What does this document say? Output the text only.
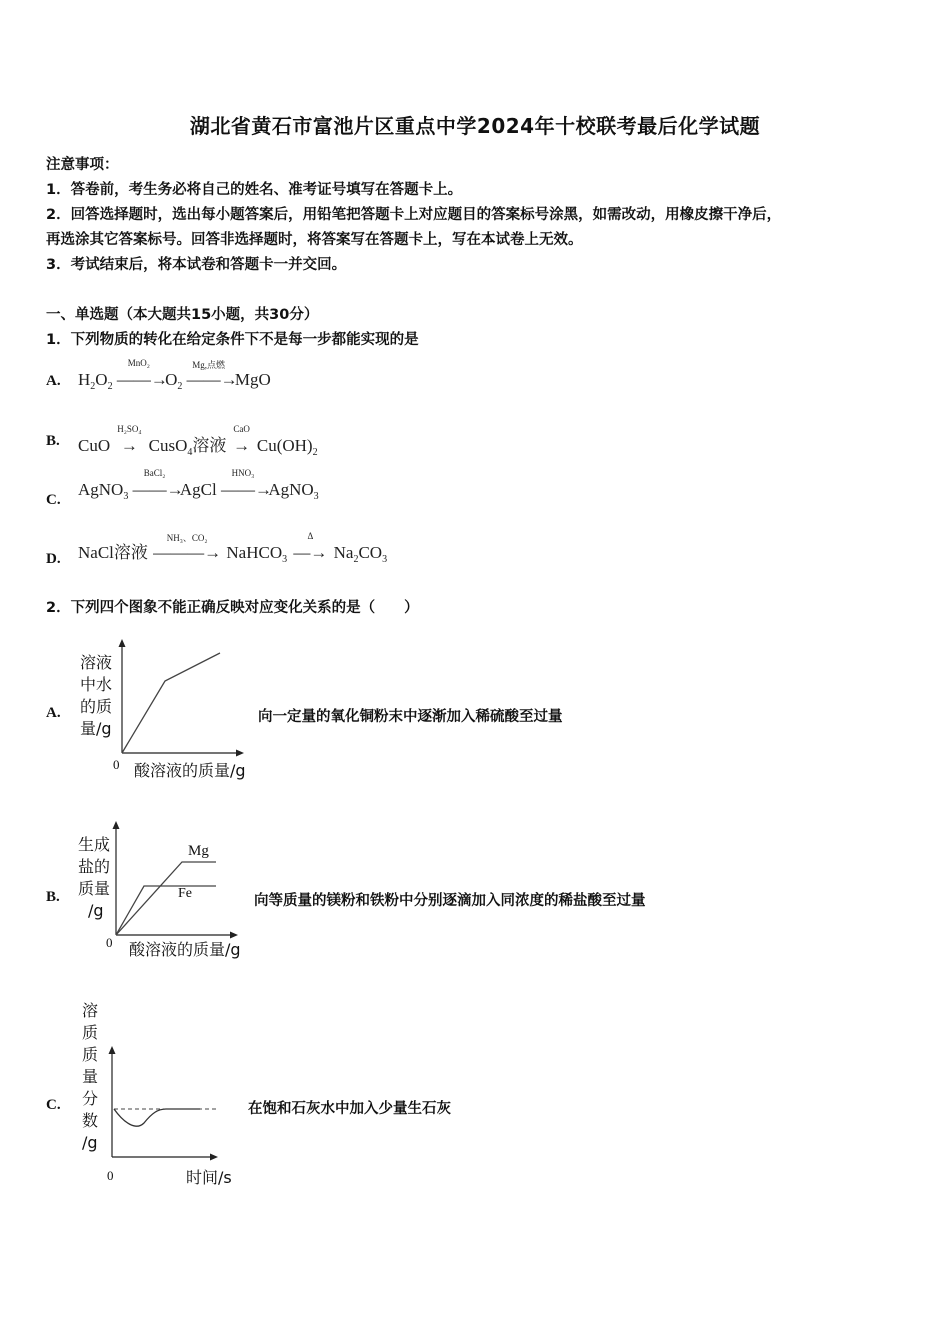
湖北省黄石市富池片区重点中学2024年十校联考最后化学试题
注意事项：
1．答卷前，考生务必将自己的姓名、准考证号填写在答题卡上。
2．回答选择题时，选出每小题答案后，用铅笔把答题卡上对应题目的答案标号涂黑，如需改动，用橡皮擦干净后，
再选涂其它答案标号。回答非选择题时，将答案写在答题卡上，写在本试卷上无效。
3．考试结束后，将本试卷和答题卡一并交回。
一、单选题（本大题共15小题，共30分）
1．下列物质的转化在给定条件下不是每一步都能实现的是
A. $H_2O_2$
MnO₂
——→ $O_2$
Mg,点燃
——→ MgO
B. CuO
H₂SO₄
→ CusO$_4$溶液
CaO
→ $Cu(OH)_2$
C.
AgNO$_3$
BaCl₂
——→ AgCl
HNO₃
——→ AgNO$_3$
D. NaCl溶液
NH₃、CO₂
———→ NaHCO$_3$
Δ
—→ $Na_2CO_3$
2．下列四个图象不能正确反映对应变化关系的是（　　）
A.
溶液
中水
的质
量/g
0 酸溶液的质量/g
向一定量的氧化铜粉末中逐渐加入稀硫酸至过量
B.
生成
盐的
质量
/g
Mg
Fe
0 酸溶液的质量/g
向等质量的镁粉和铁粉中分别逐滴加入同浓度的稀盐酸至过量
C.
溶
质
质
量
分
数
/g
0	时间/s
在饱和石灰水中加入少量生石灰
